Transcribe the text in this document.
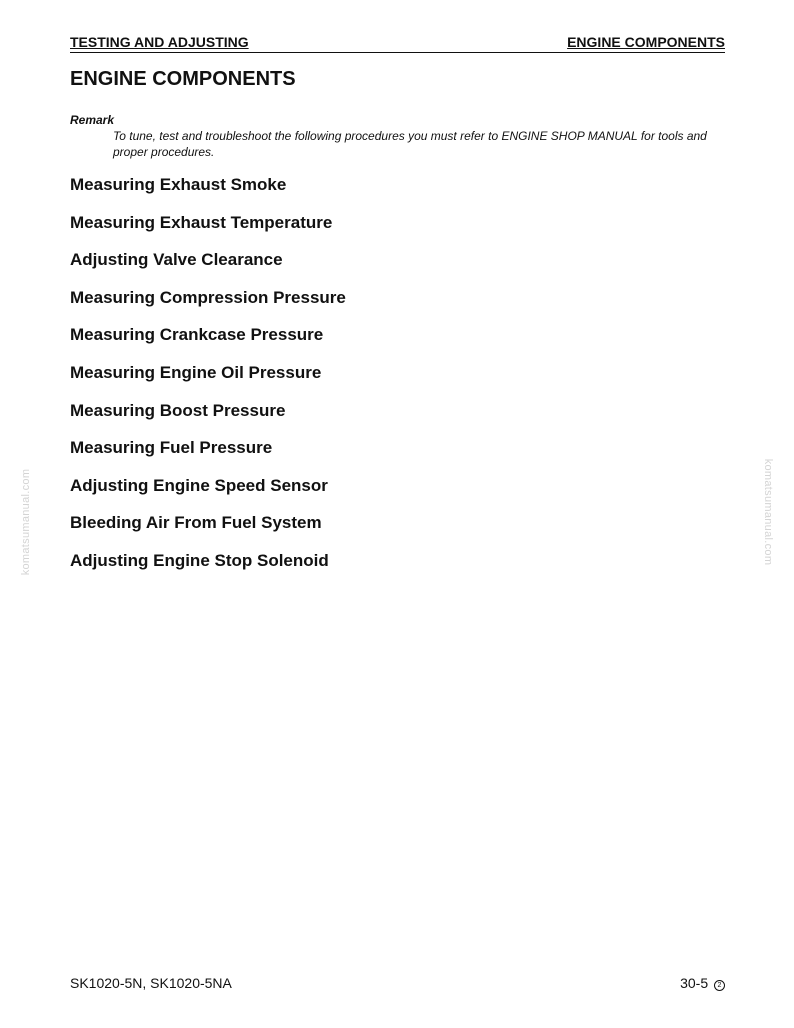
TESTING AND ADJUSTING	ENGINE COMPONENTS
ENGINE COMPONENTS
Remark
To tune, test and troubleshoot the following procedures you must refer to ENGINE SHOP MANUAL for tools and proper procedures.
Measuring Exhaust Smoke
Measuring Exhaust Temperature
Adjusting Valve Clearance
Measuring Compression Pressure
Measuring Crankcase Pressure
Measuring Engine Oil Pressure
Measuring Boost Pressure
Measuring Fuel Pressure
Adjusting Engine Speed Sensor
Bleeding Air From Fuel System
Adjusting Engine Stop Solenoid
komatsumanual.com	komatsumanual.com
SK1020-5N, SK1020-5NA	30-5 2
